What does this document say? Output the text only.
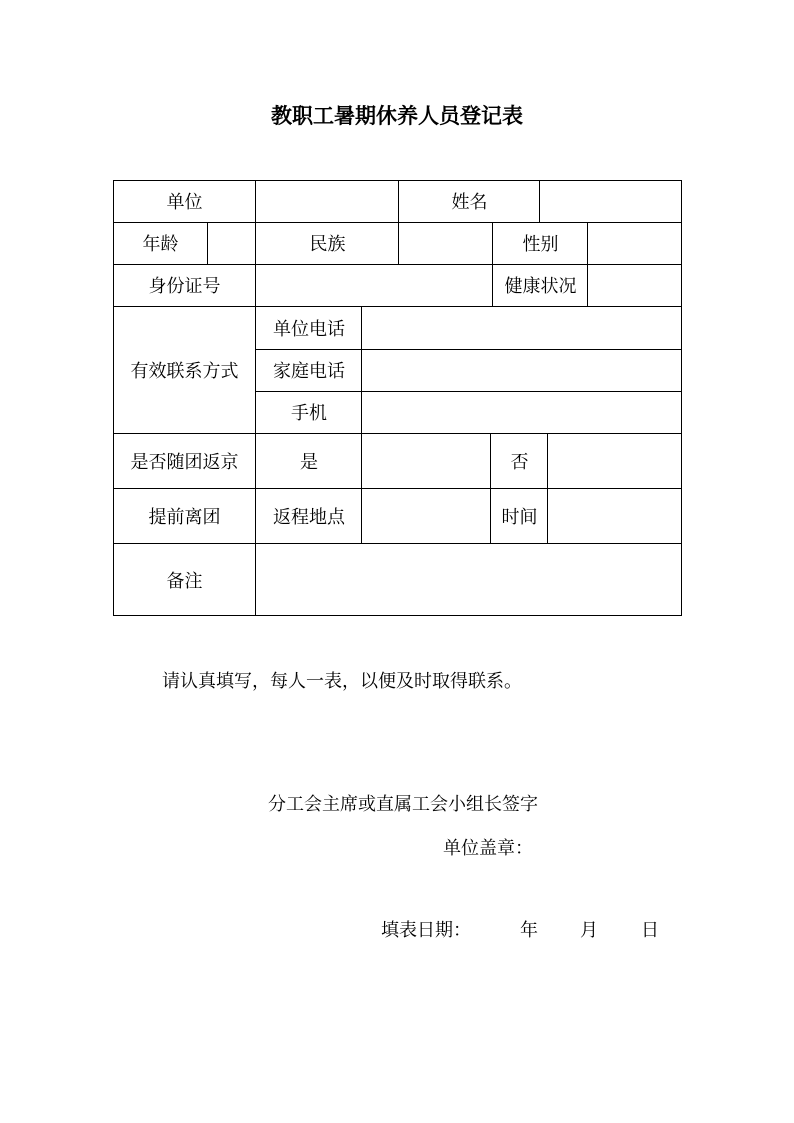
教职工暑期休养人员登记表
单位	姓名
年龄	民族	性别
身份证号	健康状况
有效联系方式
单位电话
家庭电话
手机
是否随团返京	是	否
提前离团	返程地点	时间
备注
请认真填写，每人一表，以便及时取得联系。
分工会主席或直属工会小组长签字
单位盖章：
填表日期：	年 月 日
